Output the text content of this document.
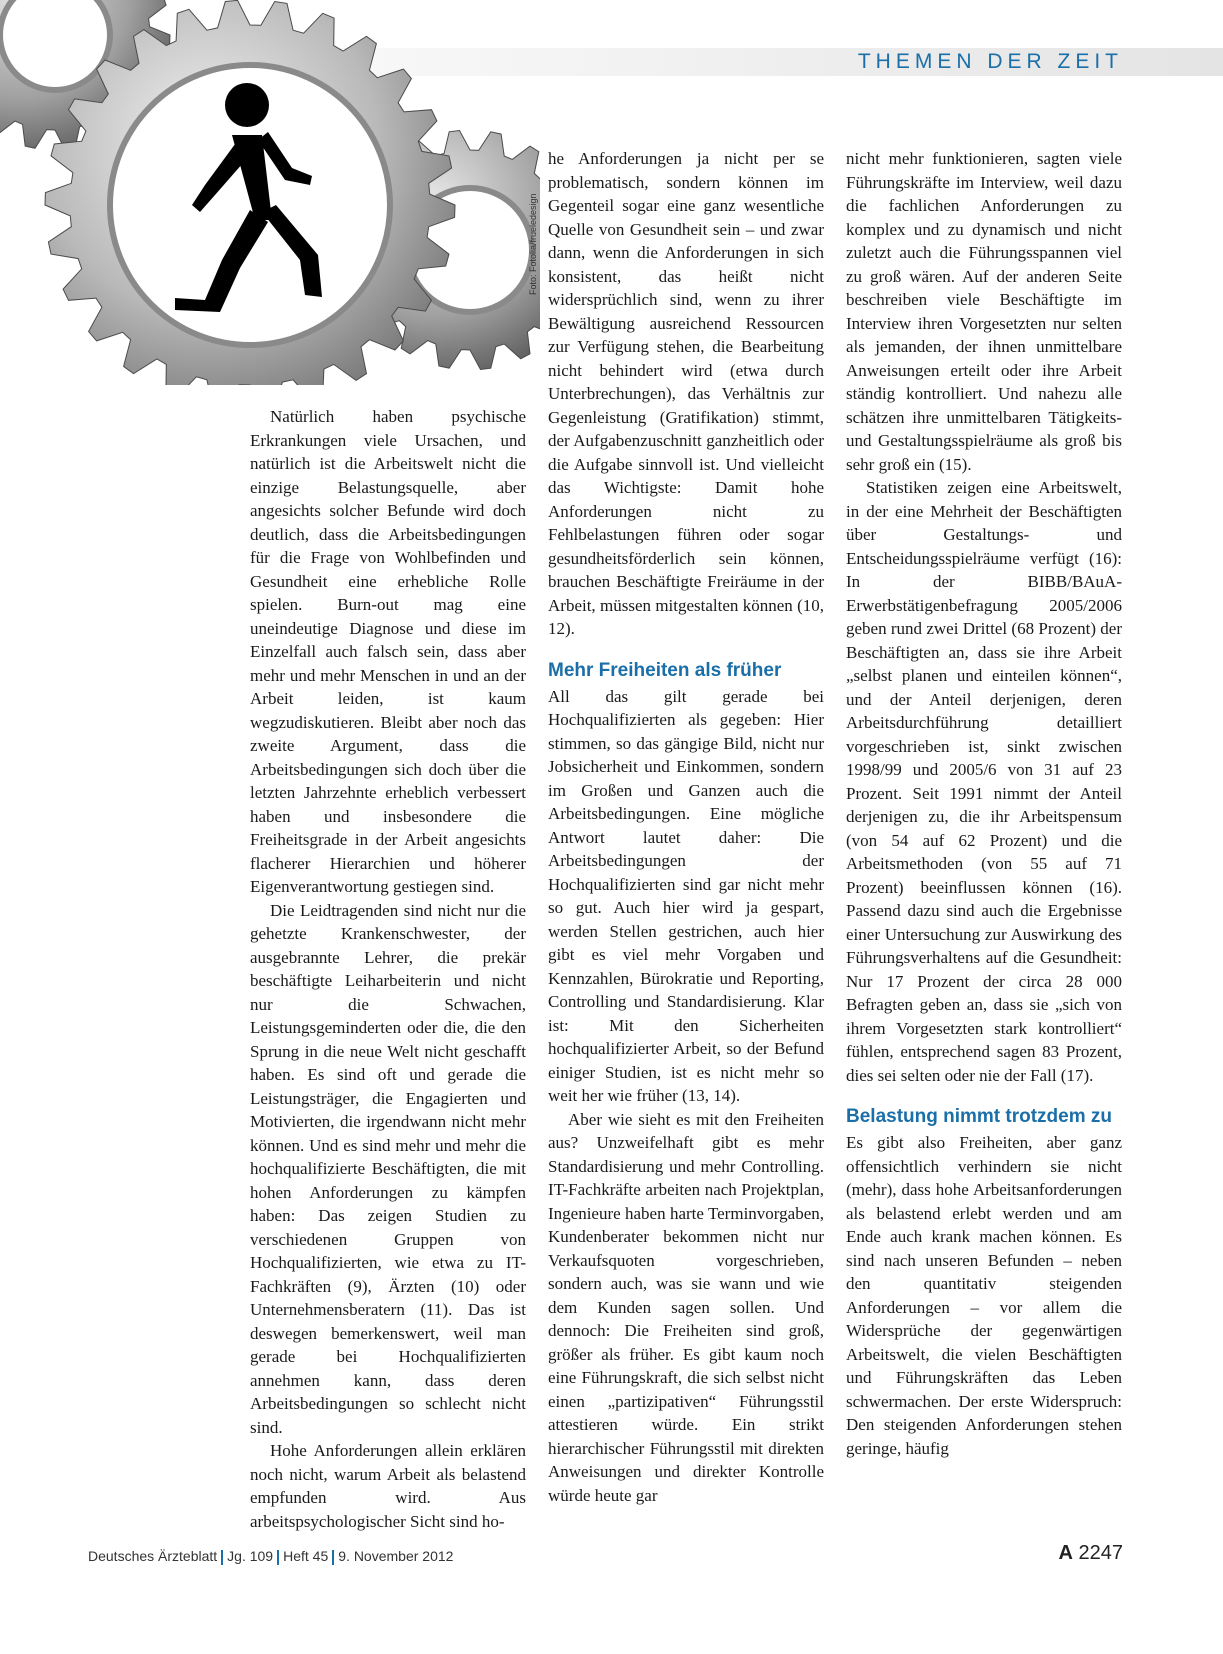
THEMEN DER ZEIT
Foto: Fotolia/frueledesign

Natürlich haben psychische Erkrankungen viele Ursachen, und natürlich ist die Arbeitswelt nicht die einzige Belastungsquelle, aber angesichts solcher Befunde wird doch deutlich, dass die Arbeitsbedingungen für die Frage von Wohlbefinden und Gesundheit eine erhebliche Rolle spielen. Burn-out mag eine uneindeutige Diagnose und diese im Einzelfall auch falsch sein, dass aber mehr und mehr Menschen in und an der Arbeit leiden, ist kaum wegzudiskutieren. Bleibt aber noch das zweite Argument, dass die Arbeitsbedingungen sich doch über die letzten Jahrzehnte erheblich verbessert haben und insbesondere die Freiheitsgrade in der Arbeit angesichts flacherer Hierarchien und höherer Eigenverantwortung gestiegen sind.

Die Leidtragenden sind nicht nur die gehetzte Krankenschwester, der ausgebrannte Lehrer, die prekär beschäftigte Leiharbeiterin und nicht nur die Schwachen, Leistungsgeminderten oder die, die den Sprung in die neue Welt nicht geschafft haben. Es sind oft und gerade die Leistungsträger, die Engagierten und Motivierten, die irgendwann nicht mehr können. Und es sind mehr und mehr die hochqualifizierte Beschäftigten, die mit hohen Anforderungen zu kämpfen haben: Das zeigen Studien zu verschiedenen Gruppen von Hochqualifizierten, wie etwa zu IT-Fachkräften (9), Ärzten (10) oder Unternehmensberatern (11). Das ist deswegen bemerkenswert, weil man gerade bei Hochqualifizierten annehmen kann, dass deren Arbeitsbedingungen so schlecht nicht sind.

Hohe Anforderungen allein erklären noch nicht, warum Arbeit als belastend empfunden wird. Aus arbeitspsychologischer Sicht sind ho-

he Anforderungen ja nicht per se problematisch, sondern können im Gegenteil sogar eine ganz wesentliche Quelle von Gesundheit sein – und zwar dann, wenn die Anforderungen in sich konsistent, das heißt nicht widersprüchlich sind, wenn zu ihrer Bewältigung ausreichend Ressourcen zur Verfügung stehen, die Bearbeitung nicht behindert wird (etwa durch Unterbrechungen), das Verhältnis zur Gegenleistung (Gratifikation) stimmt, der Aufgabenzuschnitt ganzheitlich oder die Aufgabe sinnvoll ist. Und vielleicht das Wichtigste: Damit hohe Anforderungen nicht zu Fehlbelastungen führen oder sogar gesundheitsförderlich sein können, brauchen Beschäftigte Freiräume in der Arbeit, müssen mitgestalten können (10, 12).

Mehr Freiheiten als früher

All das gilt gerade bei Hochqualifizierten als gegeben: Hier stimmen, so das gängige Bild, nicht nur Jobsicherheit und Einkommen, sondern im Großen und Ganzen auch die Arbeitsbedingungen. Eine mögliche Antwort lautet daher: Die Arbeitsbedingungen der Hochqualifizierten sind gar nicht mehr so gut. Auch hier wird ja gespart, werden Stellen gestrichen, auch hier gibt es viel mehr Vorgaben und Kennzahlen, Bürokratie und Reporting, Controlling und Standardisierung. Klar ist: Mit den Sicherheiten hochqualifizierter Arbeit, so der Befund einiger Studien, ist es nicht mehr so weit her wie früher (13, 14).

Aber wie sieht es mit den Freiheiten aus? Unzweifelhaft gibt es mehr Standardisierung und mehr Controlling. IT-Fachkräfte arbeiten nach Projektplan, Ingenieure haben harte Terminvorgaben, Kundenberater bekommen nicht nur Verkaufsquoten vorgeschrieben, sondern auch, was sie wann und wie dem Kunden sagen sollen. Und dennoch: Die Freiheiten sind groß, größer als früher. Es gibt kaum noch eine Führungskraft, die sich selbst nicht einen „partizipativen“ Führungsstil attestieren würde. Ein strikt hierarchischer Führungsstil mit direkten Anweisungen und direkter Kontrolle würde heute gar

nicht mehr funktionieren, sagten viele Führungskräfte im Interview, weil dazu die fachlichen Anforderungen zu komplex und zu dynamisch und nicht zuletzt auch die Führungsspannen viel zu groß wären. Auf der anderen Seite beschreiben viele Beschäftigte im Interview ihren Vorgesetzten nur selten als jemanden, der ihnen unmittelbare Anweisungen erteilt oder ihre Arbeit ständig kontrolliert. Und nahezu alle schätzen ihre unmittelbaren Tätigkeits- und Gestaltungsspielräume als groß bis sehr groß ein (15).

Statistiken zeigen eine Arbeitswelt, in der eine Mehrheit der Beschäftigten über Gestaltungs- und Entscheidungsspielräume verfügt (16): In der BIBB/BAuA-Erwerbstätigenbefragung 2005/2006 geben rund zwei Drittel (68 Prozent) der Beschäftigten an, dass sie ihre Arbeit „selbst planen und einteilen können“, und der Anteil derjenigen, deren Arbeitsdurchführung detailliert vorgeschrieben ist, sinkt zwischen 1998/99 und 2005/6 von 31 auf 23 Prozent. Seit 1991 nimmt der Anteil derjenigen zu, die ihr Arbeitspensum (von 54 auf 62 Prozent) und die Arbeitsmethoden (von 55 auf 71 Prozent) beeinflussen können (16). Passend dazu sind auch die Ergebnisse einer Untersuchung zur Auswirkung des Führungsverhaltens auf die Gesundheit: Nur 17 Prozent der circa 28 000 Befragten geben an, dass sie „sich von ihrem Vorgesetzten stark kontrolliert“ fühlen, entsprechend sagen 83 Prozent, dies sei selten oder nie der Fall (17).

Belastung nimmt trotzdem zu

Es gibt also Freiheiten, aber ganz offensichtlich verhindern sie nicht (mehr), dass hohe Arbeitsanforderungen als belastend erlebt werden und am Ende auch krank machen können. Es sind nach unseren Befunden – neben den quantitativ steigenden Anforderungen – vor allem die Widersprüche der gegenwärtigen Arbeitswelt, die vielen Beschäftigten und Führungskräften das Leben schwermachen. Der erste Widerspruch: Den steigenden Anforderungen stehen geringe, häufig

Deutsches Ärzteblatt Jg. 109 Heft 45 9. November 2012	A 2247
